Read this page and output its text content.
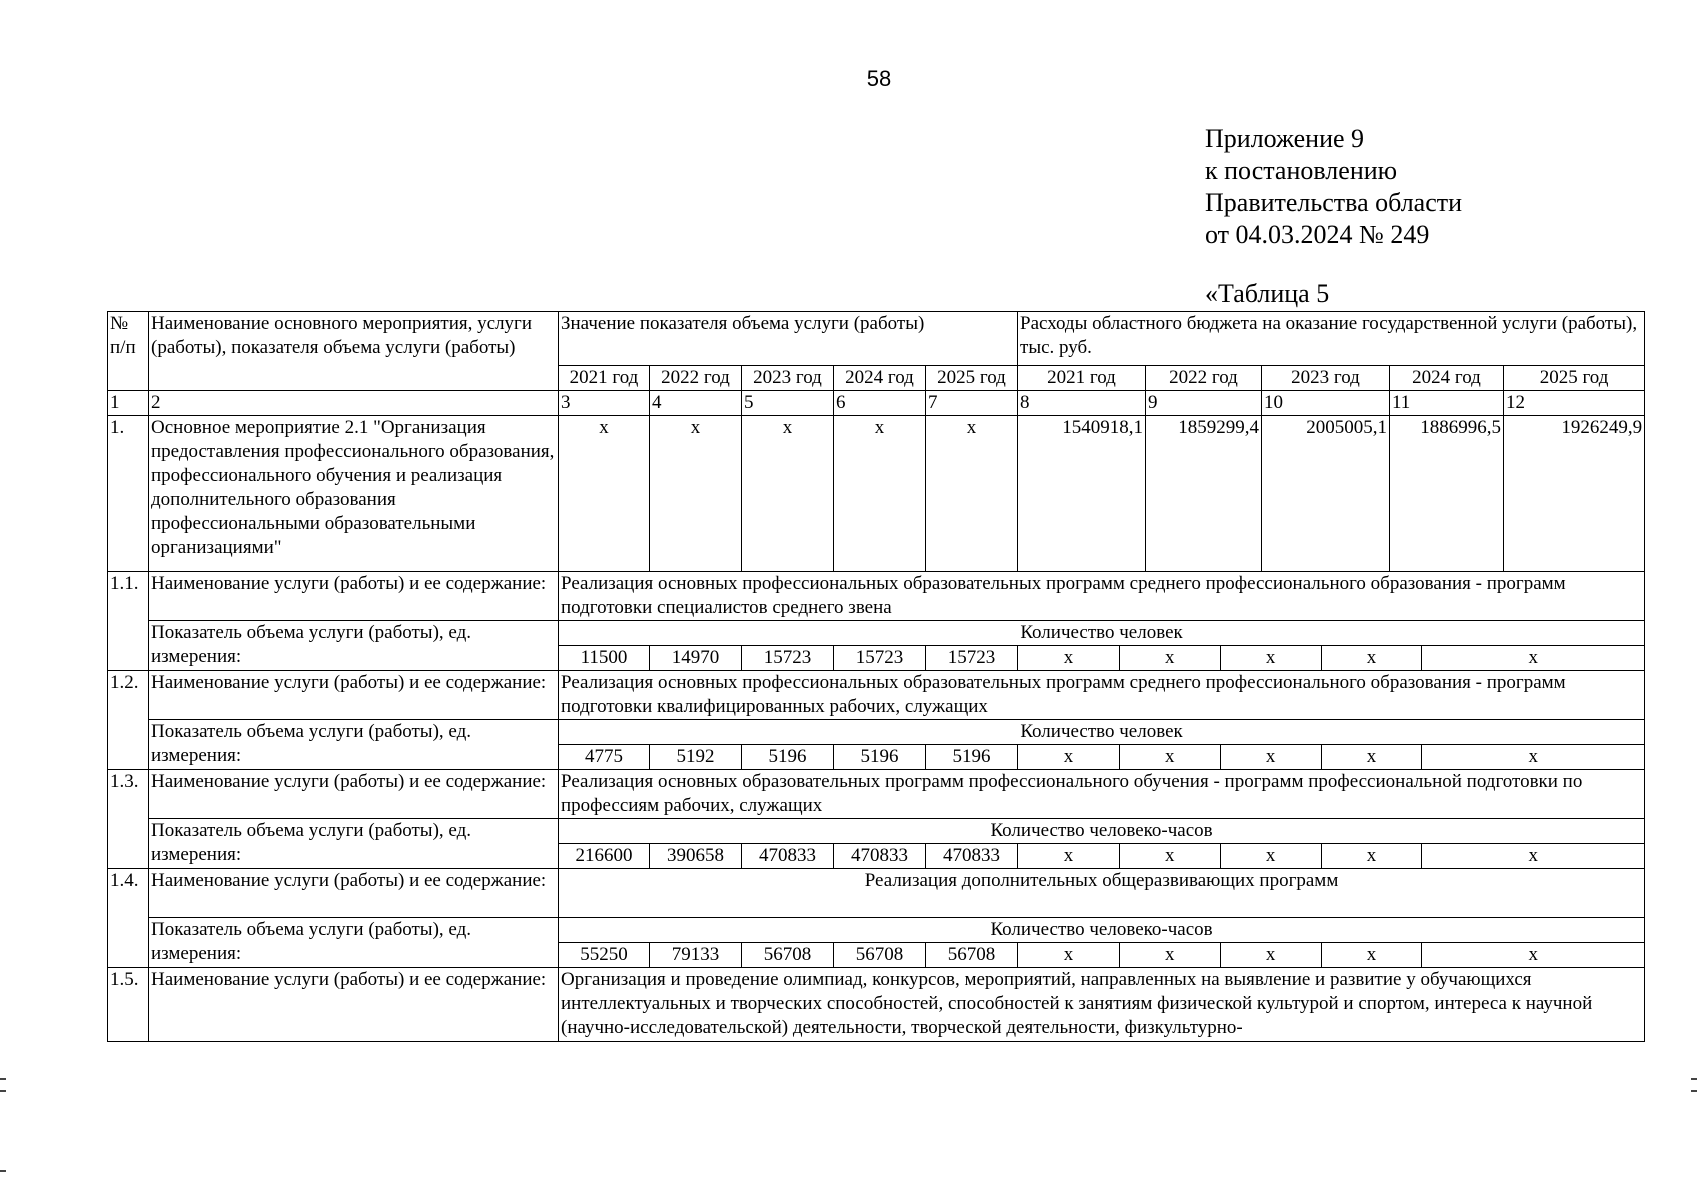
58
Приложение 9
к постановлению
Правительства области
от 04.03.2024 № 249
«Таблица 5
№ п/п	Наименование основного мероприятия, услуги (работы), показателя объема услуги (работы)	Значение показателя объема услуги (работы)					Расходы областного бюджета на оказание государственной услуги (работы), тыс. руб.				
		2021 год	2022 год	2023 год	2024 год	2025 год	2021 год	2022 год	2023 год	2024 год	2025 год
1	2	3	4	5	6	7	8	9	10	11	12
1.	Основное мероприятие 2.1 "Организация предоставления профессионального образования, профессионального обучения и реализация дополнительного образования профессиональными образовательными организациями"	х	х	х	х	х	1540918,1	1859299,4	2005005,1	1886996,5	1926249,9
1.1.	Наименование услуги (работы) и ее содержание:	Реализация основных профессиональных образовательных программ среднего профессионального образования - программ подготовки специалистов среднего звена									
	Показатель объема услуги (работы), ед. измерения:	Количество человек									
		11500	14970	15723	15723	15723	х х х х х				

1.2.	Наименование услуги (работы) и ее содержание:	Реализация основных профессиональных образовательных программ среднего профессионального образования - программ подготовки квалифицированных рабочих, служащих									
	Показатель объема услуги (работы), ед. измерения:	Количество человек									
		4775	5192	5196	5196	5196	х х х х х				

1.3.	Наименование услуги (работы) и ее содержание:	Реализация основных образовательных программ профессионального обучения - программ профессиональной подготовки по профессиям рабочих, служащих									
	Показатель объема услуги (работы), ед. измерения:	Количество человеко-часов									
		216600	390658	470833	470833	470833	х х х х х				

1.4.	Наименование услуги (работы) и ее содержание:	Реализация дополнительных общеразвивающих программ									
	Показатель объема услуги (работы), ед. измерения:	Количество человеко-часов									
		55250	79133	56708	56708	56708	х х х х х				

1.5.	Наименование услуги (работы) и ее содержание:	Организация и проведение олимпиад, конкурсов, мероприятий, направленных на выявление и развитие у обучающихся интеллектуальных и творческих способностей, способностей к занятиям физической культурой и спортом, интереса к научной (научно-исследовательской) деятельности, творческой деятельности, физкультурно-									
